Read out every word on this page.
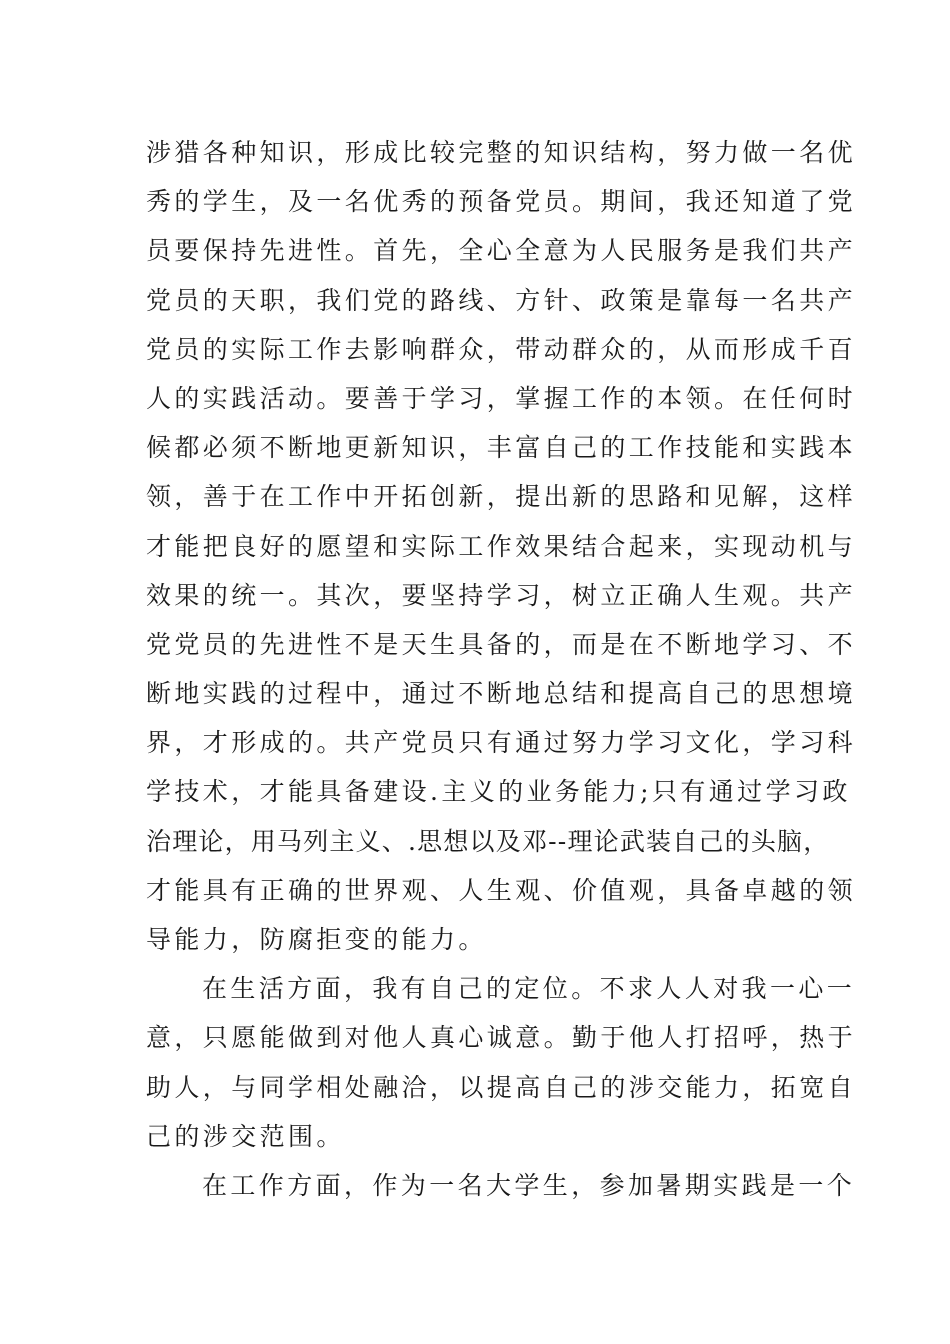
涉猎各种知识，形成比较完整的知识结构，努力做一名优
秀的学生，及一名优秀的预备党员。期间，我还知道了党
员要保持先进性。首先，全心全意为人民服务是我们共产
党员的天职，我们党的路线、方针、政策是靠每一名共产
党员的实际工作去影响群众，带动群众的，从而形成千百
人的实践活动。要善于学习，掌握工作的本领。在任何时
候都必须不断地更新知识，丰富自己的工作技能和实践本
领，善于在工作中开拓创新，提出新的思路和见解，这样
才能把良好的愿望和实际工作效果结合起来，实现动机与
效果的统一。其次，要坚持学习，树立正确人生观。共产
党党员的先进性不是天生具备的，而是在不断地学习、不
断地实践的过程中，通过不断地总结和提高自己的思想境
界，才形成的。共产党员只有通过努力学习文化，学习科
学技术，才能具备建设.主义的业务能力;只有通过学习政
治理论，用马列主义、.思想以及邓--理论武装自己的头脑，
才能具有正确的世界观、人生观、价值观，具备卓越的领
导能力，防腐拒变的能力。
在生活方面，我有自己的定位。不求人人对我一心一
意，只愿能做到对他人真心诚意。勤于他人打招呼，热于
助人，与同学相处融洽，以提高自己的涉交能力，拓宽自
己的涉交范围。
在工作方面，作为一名大学生，参加暑期实践是一个
